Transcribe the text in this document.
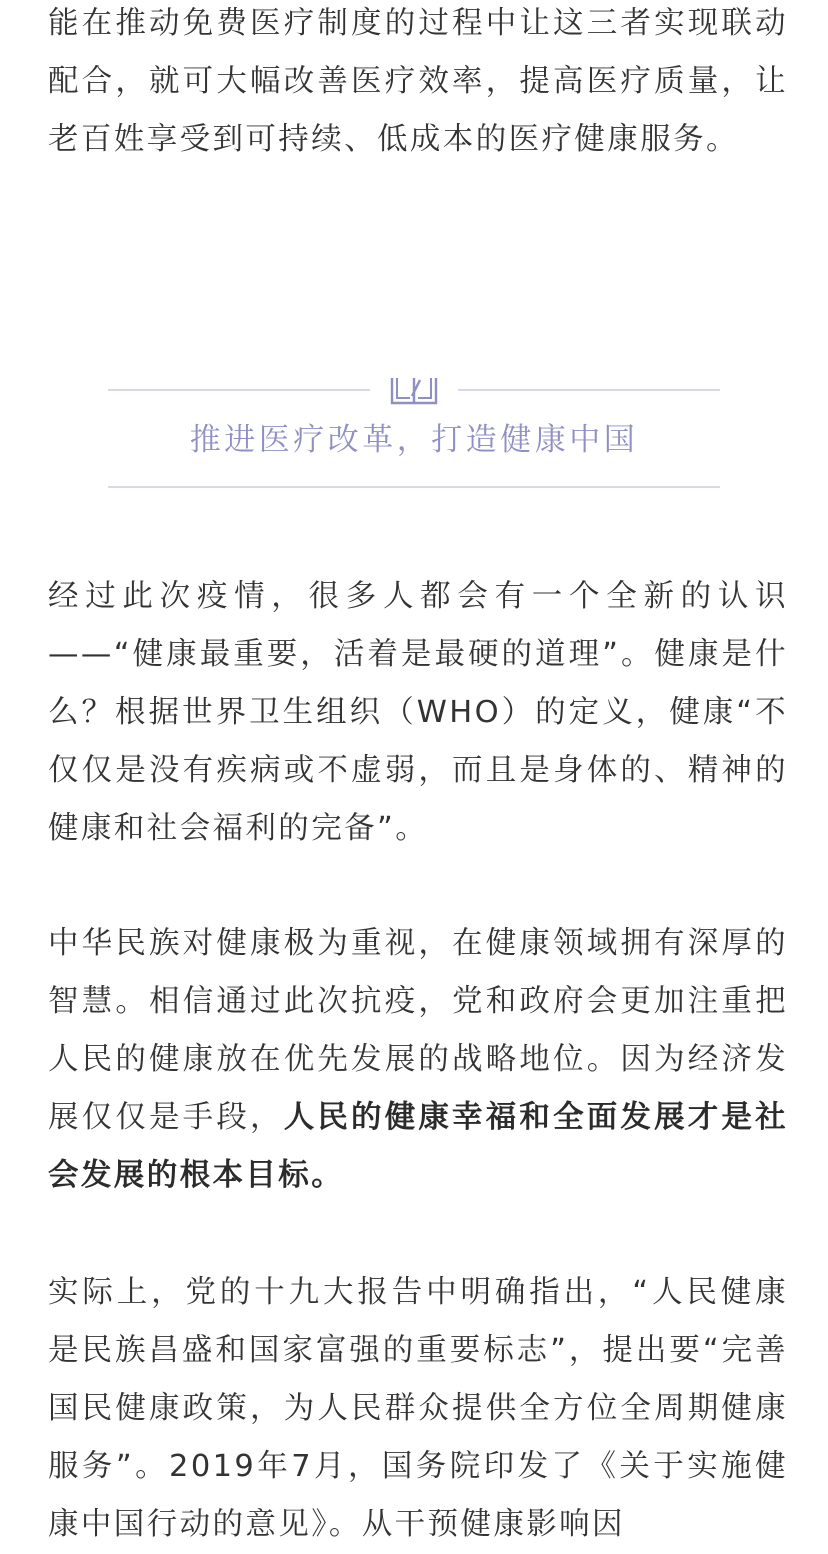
能在推动免费医疗制度的过程中让这三者实现联动配合，就可大幅改善医疗效率，提高医疗质量，让老百姓享受到可持续、低成本的医疗健康服务。

推进医疗改革，打造健康中国

经过此次疫情，很多人都会有一个全新的认识——“健康最重要，活着是最硬的道理”。健康是什么？根据世界卫生组织（WHO）的定义，健康“不仅仅是没有疾病或不虚弱，而且是身体的、精神的健康和社会福利的完备”。

中华民族对健康极为重视，在健康领域拥有深厚的智慧。相信通过此次抗疫，党和政府会更加注重把人民的健康放在优先发展的战略地位。因为经济发展仅仅是手段，人民的健康幸福和全面发展才是社会发展的根本目标。

实际上，党的十九大报告中明确指出，“人民健康是民族昌盛和国家富强的重要标志”，提出要“完善国民健康政策，为人民群众提供全方位全周期健康服务”。2019年7月，国务院印发了《关于实施健康中国行动的意见》。从干预健康影响因
